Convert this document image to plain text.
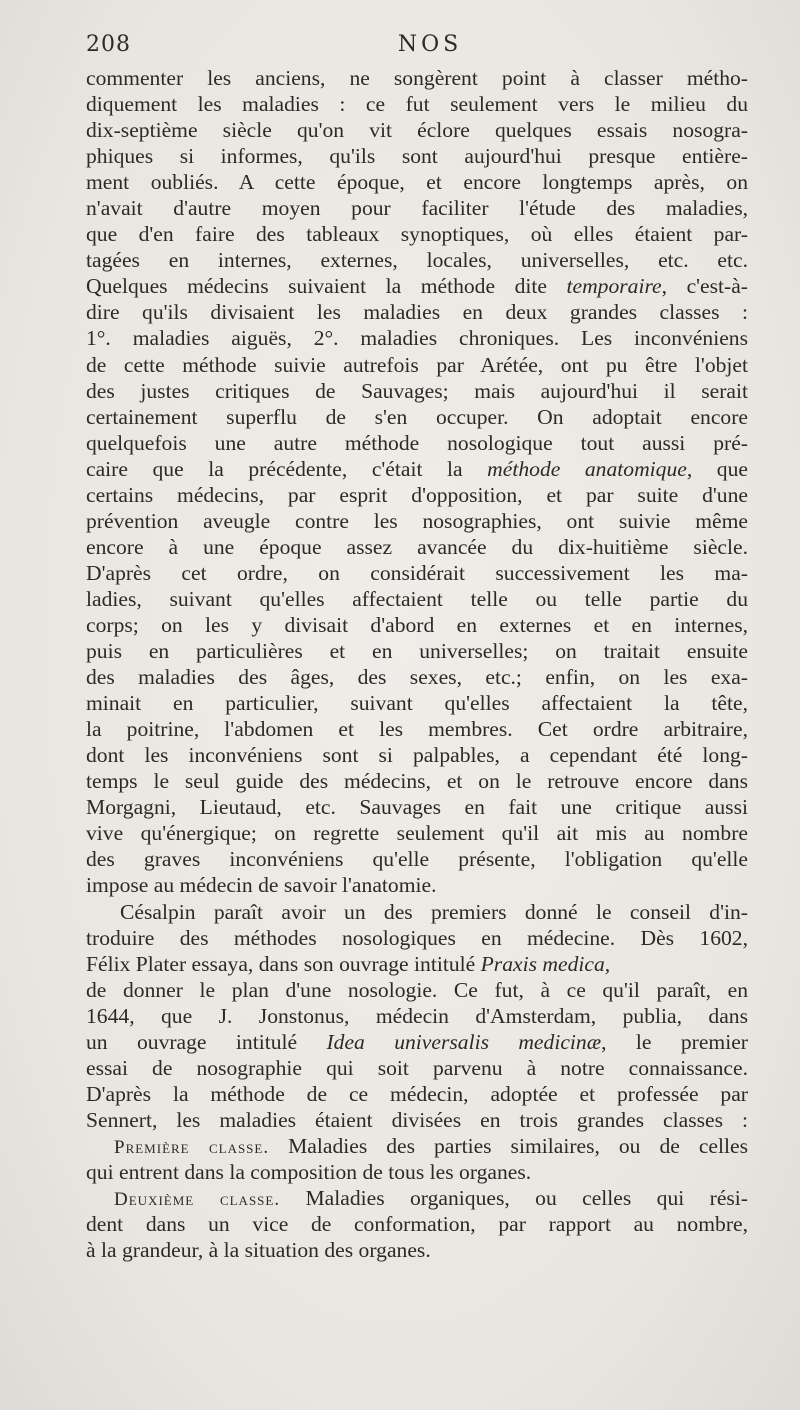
208	NOS
commenter les anciens, ne songèrent point à classer métho-
diquement les maladies : ce fut seulement vers le milieu du
dix-septième siècle qu'on vit éclore quelques essais nosogra-
phiques si informes, qu'ils sont aujourd'hui presque entière-
ment oubliés. A cette époque, et encore longtemps après, on
n'avait d'autre moyen pour faciliter l'étude des maladies,
que d'en faire des tableaux synoptiques, où elles étaient par-
tagées en internes, externes, locales, universelles, etc. etc.
Quelques médecins suivaient la méthode dite temporaire, c'est-à-
dire qu'ils divisaient les maladies en deux grandes classes :
1°. maladies aiguës, 2°. maladies chroniques. Les inconvéniens
de cette méthode suivie autrefois par Arétée, ont pu être l'objet
des justes critiques de Sauvages; mais aujourd'hui il serait
certainement superflu de s'en occuper. On adoptait encore
quelquefois une autre méthode nosologique tout aussi pré-
caire que la précédente, c'était la méthode anatomique, que
certains médecins, par esprit d'opposition, et par suite d'une
prévention aveugle contre les nosographies, ont suivie même
encore à une époque assez avancée du dix-huitième siècle.
D'après cet ordre, on considérait successivement les ma-
ladies, suivant qu'elles affectaient telle ou telle partie du
corps; on les y divisait d'abord en externes et en internes,
puis en particulières et en universelles; on traitait ensuite
des maladies des âges, des sexes, etc.; enfin, on les exa-
minait en particulier, suivant qu'elles affectaient la tête,
la poitrine, l'abdomen et les membres. Cet ordre arbitraire,
dont les inconvéniens sont si palpables, a cependant été long-
temps le seul guide des médecins, et on le retrouve encore dans
Morgagni, Lieutaud, etc. Sauvages en fait une critique aussi
vive qu'énergique; on regrette seulement qu'il ait mis au nombre
des graves inconvéniens qu'elle présente, l'obligation qu'elle
impose au médecin de savoir l'anatomie.
Césalpin paraît avoir un des premiers donné le conseil d'in-
troduire des méthodes nosologiques en médecine. Dès 1602,
Félix Plater essaya, dans son ouvrage intitulé Praxis medica,
de donner le plan d'une nosologie. Ce fut, à ce qu'il paraît, en
1644, que J. Jonstonus, médecin d'Amsterdam, publia, dans
un ouvrage intitulé Idea universalis medicinæ, le premier
essai de nosographie qui soit parvenu à notre connaissance.
D'après la méthode de ce médecin, adoptée et professée par
Sennert, les maladies étaient divisées en trois grandes classes :
Première classe. Maladies des parties similaires, ou de celles
qui entrent dans la composition de tous les organes.
Deuxième classe. Maladies organiques, ou celles qui rési-
dent dans un vice de conformation, par rapport au nombre,
à la grandeur, à la situation des organes.
